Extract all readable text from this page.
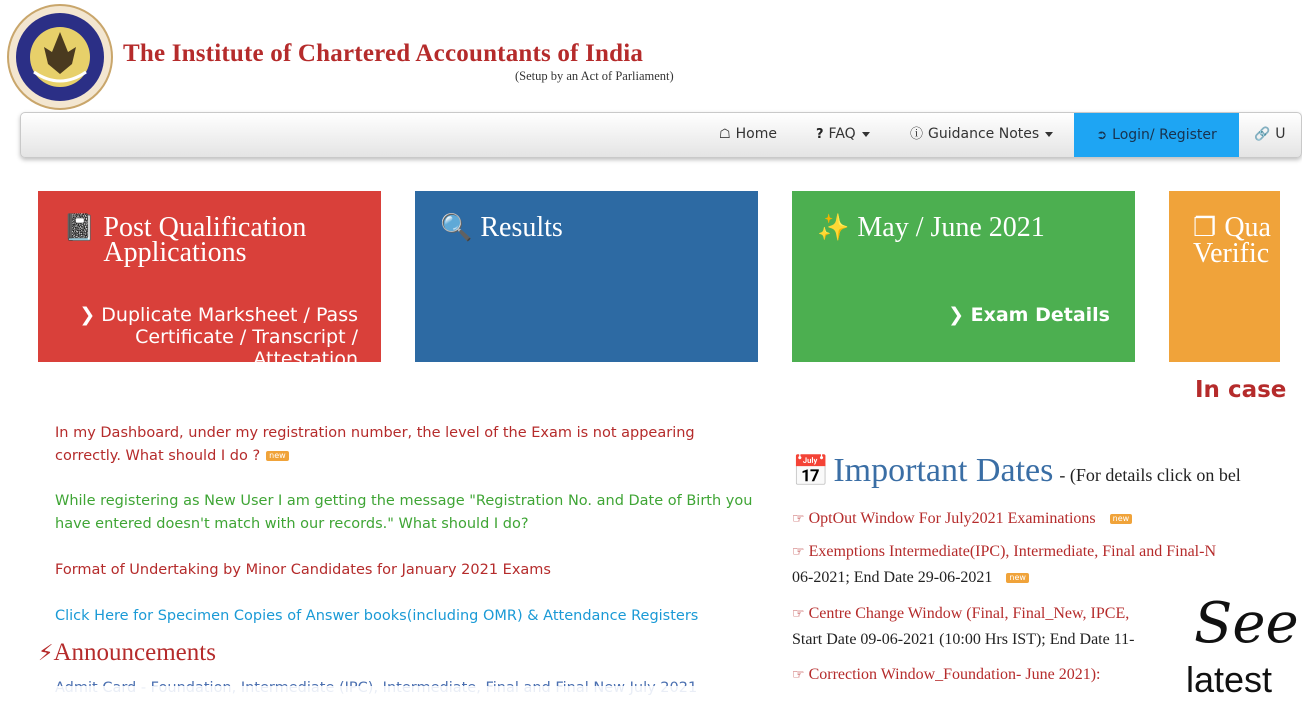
The Institute of Chartered Accountants of India
(Setup by an Act of Parliament)
☖ Home	? FAQ	ⓘ Guidance Notes	➲ Login/ Register	🔗 U
📓 Post Qualification Applications
❯ Duplicate Marksheet / Pass Certificate / Transcript / Attestation
🔍 Results	✨ May / June 2021
❯ Exam Details
❐ Qua
Verific
In case
In my Dashboard, under my registration number, the level of the Exam is not appearing correctly. What should I do ? new
While registering as New User I am getting the message "Registration No. and Date of Birth you have entered doesn't match with our records." What should I do?
Format of Undertaking by Minor Candidates for January 2021 Exams
Click Here for Specimen Copies of Answer books(including OMR) & Attendance Registers
⚡Announcements
📅 Important Dates - (For details click on bel
☞ OptOut Window For July2021 Examinations new
☞ Exemptions Intermediate(IPC), Intermediate, Final and Final-N
06-2021; End Date 29-06-2021 new
☞ Centre Change Window (Final, Final_New, IPCE,
Start Date 09-06-2021 (10:00 Hrs IST); End Date 11-
☞ Correction Window_Foundation- June 2021):
See
latest
